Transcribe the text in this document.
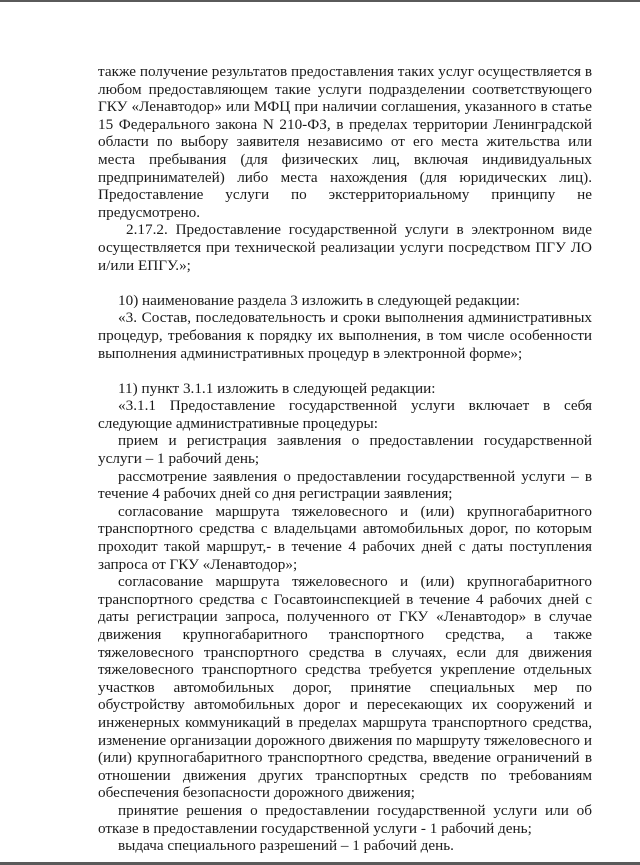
также получение результатов предоставления таких услуг осуществляется в любом предоставляющем такие услуги подразделении соответствующего ГКУ «Ленавтодор» или МФЦ при наличии соглашения, указанного в статье 15 Федерального закона N 210-ФЗ, в пределах территории Ленинградской области по выбору заявителя независимо от его места жительства или места пребывания (для физических лиц, включая индивидуальных предпринимателей) либо места нахождения (для юридических лиц). Предоставление услуги по экстерриториальному принципу не предусмотрено.

2.17.2. Предоставление государственной услуги в электронном виде осуществляется при технической реализации услуги посредством ПГУ ЛО и/или ЕПГУ.»;

10) наименование раздела 3 изложить в следующей редакции:

«3. Состав, последовательность и сроки выполнения административных процедур, требования к порядку их выполнения, в том числе особенности выполнения административных процедур в электронной форме»;

11) пункт 3.1.1 изложить в следующей редакции:

«3.1.1 Предоставление государственной услуги включает в себя следующие административные процедуры:

прием и регистрация заявления о предоставлении государственной услуги – 1 рабочий день;

рассмотрение заявления о предоставлении государственной услуги – в течение 4 рабочих дней со дня регистрации заявления;

согласование маршрута тяжеловесного и (или) крупногабаритного транспортного средства с владельцами автомобильных дорог, по которым проходит такой маршрут,- в течение 4 рабочих дней с даты поступления запроса от ГКУ «Ленавтодор»;

согласование маршрута тяжеловесного и (или) крупногабаритного транспортного средства с Госавтоинспекцией в течение 4 рабочих дней с даты регистрации запроса, полученного от ГКУ «Ленавтодор» в случае движения крупногабаритного транспортного средства, а также тяжеловесного транспортного средства в случаях, если для движения тяжеловесного транспортного средства требуется укрепление отдельных участков автомобильных дорог, принятие специальных мер по обустройству автомобильных дорог и пересекающих их сооружений и инженерных коммуникаций в пределах маршрута транспортного средства, изменение организации дорожного движения по маршруту тяжеловесного и (или) крупногабаритного транспортного средства, введение ограничений в отношении движения других транспортных средств по требованиям обеспечения безопасности дорожного движения;

принятие решения о предоставлении государственной услуги или об отказе в предоставлении государственной услуги - 1 рабочий день;

выдача специального разрешений – 1 рабочий день.
